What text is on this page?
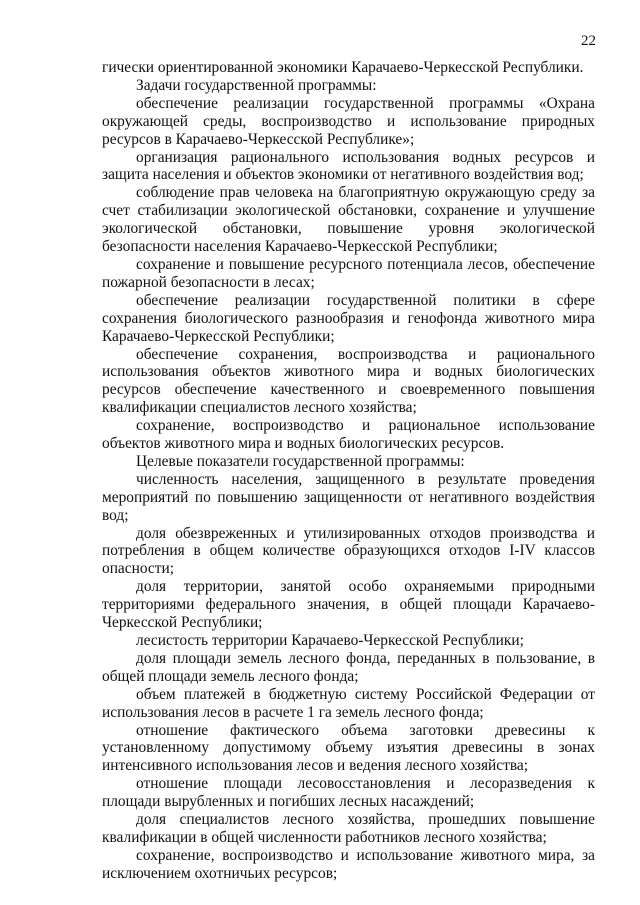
22

гически ориентированной экономики Карачаево-Черкесской Республики.

Задачи государственной программы:

обеспечение реализации государственной программы «Охрана окружающей среды, воспроизводство и использование природных ресурсов в Карачаево-Черкесской Республике»;

организация рационального использования водных ресурсов и защита населения и объектов экономики от негативного воздействия вод;

соблюдение прав человека на благоприятную окружающую среду за счет стабилизации экологической обстановки, сохранение и улучшение экологической обстановки, повышение уровня экологической безопасности населения Карачаево-Черкесской Республики;

сохранение и повышение ресурсного потенциала лесов, обеспечение пожарной безопасности в лесах;

обеспечение реализации государственной политики в сфере сохранения биологического разнообразия и генофонда животного мира Карачаево-Черкесской Республики;

обеспечение сохранения, воспроизводства и рационального использования объектов животного мира и водных биологических ресурсов обеспечение качественного и своевременного повышения квалификации специалистов лесного хозяйства;

сохранение, воспроизводство и рациональное использование объектов животного мира и водных биологических ресурсов.

Целевые показатели государственной программы:

численность населения, защищенного в результате проведения мероприятий по повышению защищенности от негативного воздействия вод;

доля обезвреженных и утилизированных отходов производства и потребления в общем количестве образующихся отходов I-IV классов опасности;

доля территории, занятой особо охраняемыми природными территориями федерального значения, в общей площади Карачаево-Черкесской Республики;

лесистость территории Карачаево-Черкесской Республики;

доля площади земель лесного фонда, переданных в пользование, в общей площади земель лесного фонда;

объем платежей в бюджетную систему Российской Федерации от использования лесов в расчете 1 га земель лесного фонда;

отношение фактического объема заготовки древесины к установленному допустимому объему изъятия древесины в зонах интенсивного использования лесов и ведения лесного хозяйства;

отношение площади лесовосстановления и лесоразведения к площади вырубленных и погибших лесных насаждений;

доля специалистов лесного хозяйства, прошедших повышение квалификации в общей численности работников лесного хозяйства;

сохранение, воспроизводство и использование животного мира, за исключением охотничьих ресурсов;
